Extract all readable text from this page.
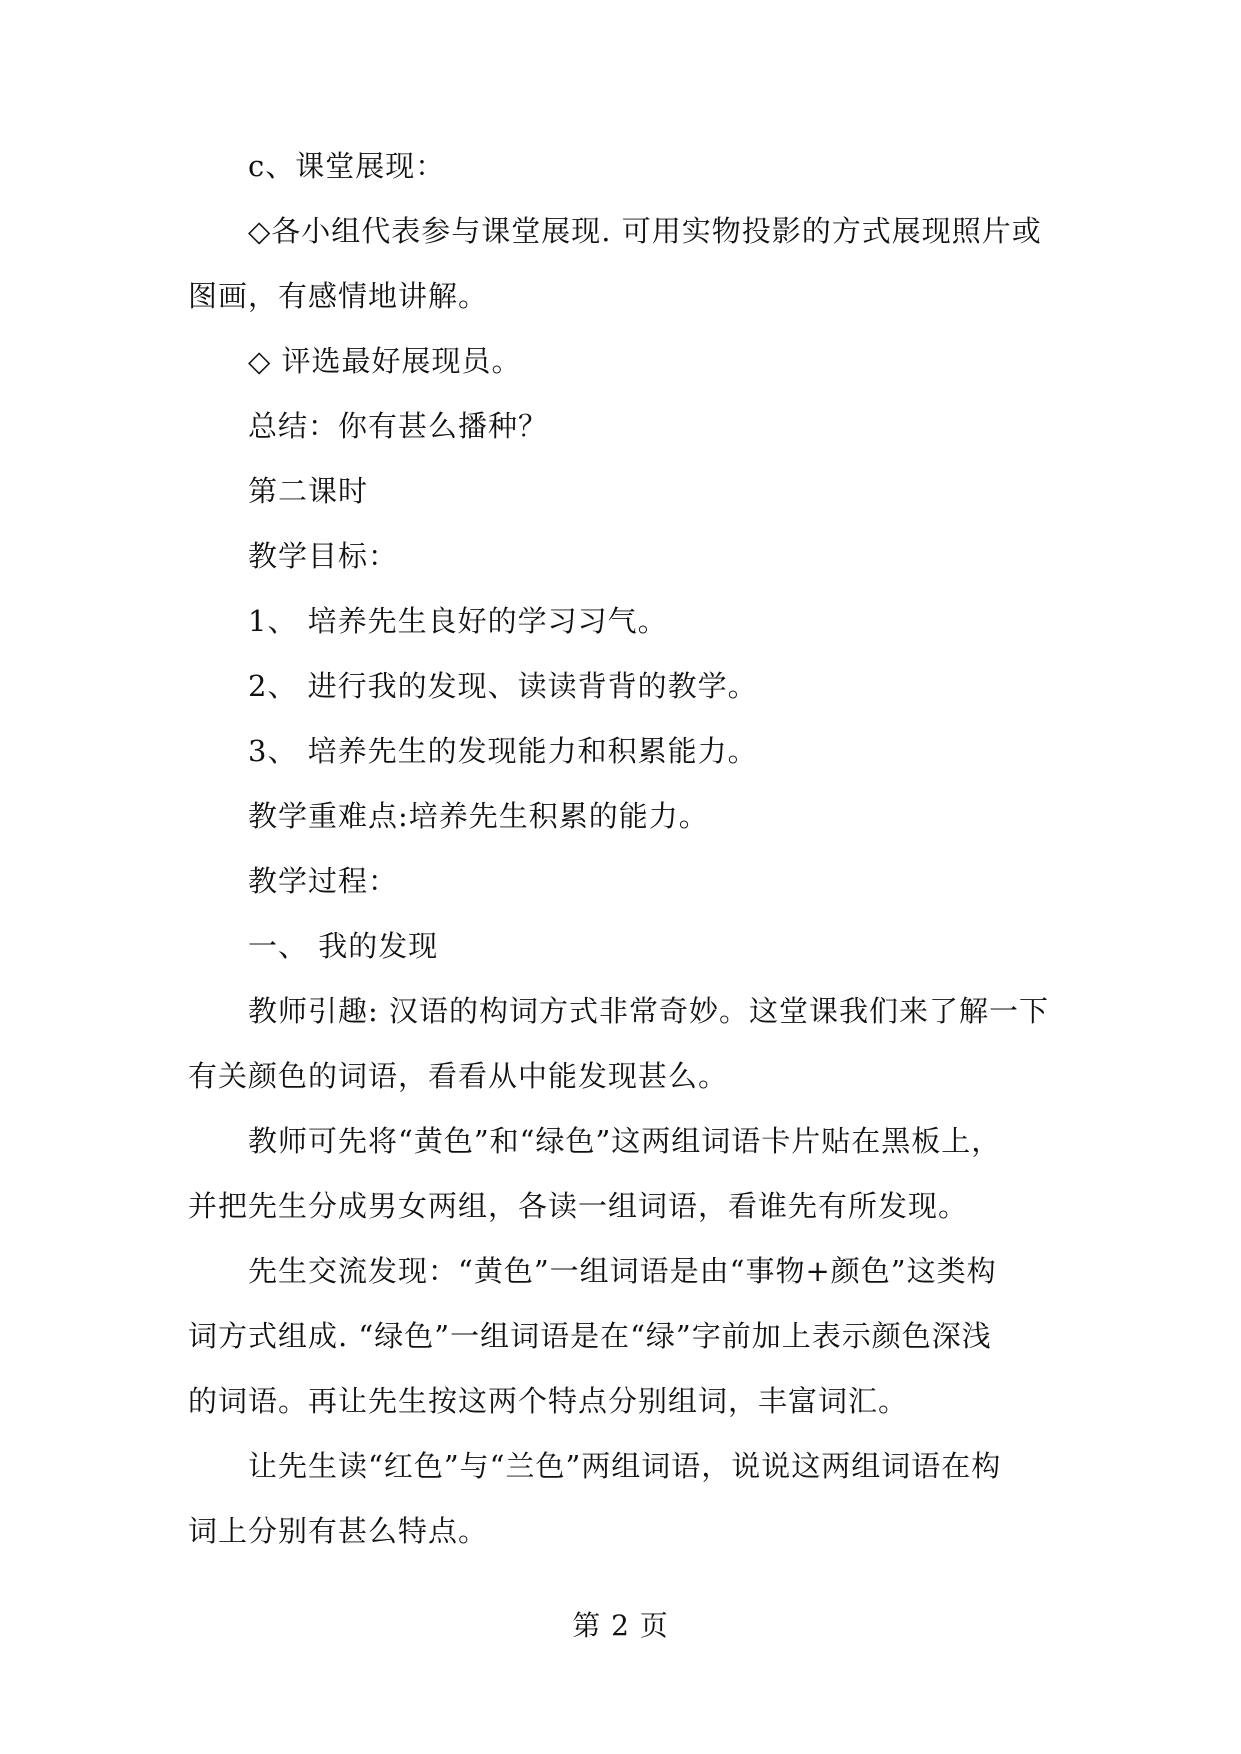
c、课堂展现：
◇各小组代表参与课堂展现. 可用实物投影的方式展现照片或
图画，有感情地讲解。
◇ 评选最好展现员。
总结：你有甚么播种？
第二课时
教学目标：
1、 培养先生良好的学习习气。
2、 进行我的发现、读读背背的教学。
3、 培养先生的发现能力和积累能力。
教学重难点:培养先生积累的能力。
教学过程：
一、 我的发现
教师引趣: 汉语的构词方式非常奇妙。这堂课我们来了解一下
有关颜色的词语，看看从中能发现甚么。
教师可先将“黄色”和“绿色”这两组词语卡片贴在黑板上，
并把先生分成男女两组，各读一组词语，看谁先有所发现。
先生交流发现：“黄色”一组词语是由“事物+颜色”这类构
词方式组成. “绿色”一组词语是在“绿”字前加上表示颜色深浅
的词语。再让先生按这两个特点分别组词，丰富词汇。
让先生读“红色”与“兰色”两组词语，说说这两组词语在构
词上分别有甚么特点。
第 2 页
